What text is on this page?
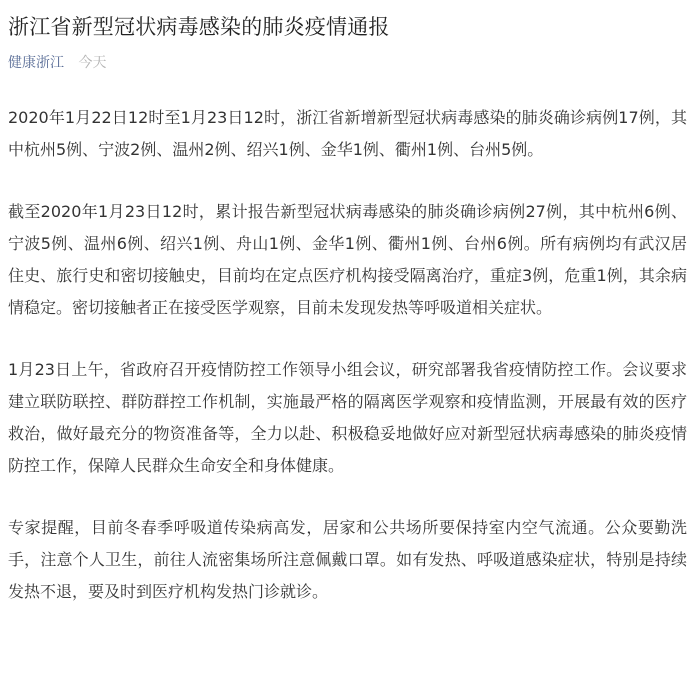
浙江省新型冠状病毒感染的肺炎疫情通报
健康浙江 今天

2020年1月22日12时至1月23日12时，浙江省新增新型冠状病毒感染的肺炎确诊病例17例，其中杭州5例、宁波2例、温州2例、绍兴1例、金华1例、衢州1例、台州5例。

截至2020年1月23日12时，累计报告新型冠状病毒感染的肺炎确诊病例27例，其中杭州6例、宁波5例、温州6例、绍兴1例、舟山1例、金华1例、衢州1例、台州6例。所有病例均有武汉居住史、旅行史和密切接触史，目前均在定点医疗机构接受隔离治疗，重症3例，危重1例，其余病情稳定。密切接触者正在接受医学观察，目前未发现发热等呼吸道相关症状。

1月23日上午，省政府召开疫情防控工作领导小组会议，研究部署我省疫情防控工作。会议要求建立联防联控、群防群控工作机制，实施最严格的隔离医学观察和疫情监测，开展最有效的医疗救治，做好最充分的物资准备等，全力以赴、积极稳妥地做好应对新型冠状病毒感染的肺炎疫情防控工作，保障人民群众生命安全和身体健康。

专家提醒，目前冬春季呼吸道传染病高发，居家和公共场所要保持室内空气流通。公众要勤洗手，注意个人卫生，前往人流密集场所注意佩戴口罩。如有发热、呼吸道感染症状，特别是持续发热不退，要及时到医疗机构发热门诊就诊。
